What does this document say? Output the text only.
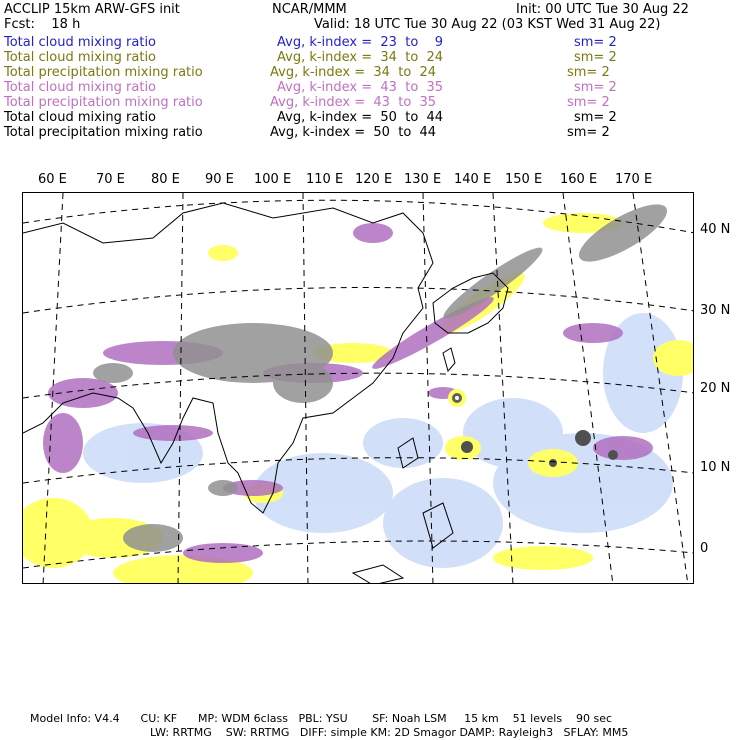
ACCLIP 15km ARW-GFS init	NCAR/MMM	Init: 00 UTC Tue 30 Aug 22
Fcst:    18 h	Valid: 18 UTC Tue 30 Aug 22 (03 KST Wed 31 Aug 22)
Total cloud mixing ratio	Avg, k-index =  23  to    9	sm= 2
Total cloud mixing ratio	Avg, k-index =  34  to  24	sm= 2
Total precipitation mixing ratio	Avg, k-index =  34  to  24	sm= 2
Total cloud mixing ratio	Avg, k-index =  43  to  35	sm= 2
Total precipitation mixing ratio	Avg, k-index =  43  to  35	sm= 2
Total cloud mixing ratio	Avg, k-index =  50  to  44	sm= 2
Total precipitation mixing ratio	Avg, k-index =  50  to  44	sm= 2
60 E 70 E 80 E 90 E 100 E 110 E 120 E 130 E 140 E 150 E 160 E 170 E
40 N
30 N
20 N
10 N
0
Model Info: V4.4      CU: KF      MP: WDM 6class   PBL: YSU       SF: Noah LSM     15 km    51 levels    90 sec
LW: RRTMG    SW: RRTMG   DIFF: simple KM: 2D Smagor DAMP: Rayleigh3   SFLAY: MM5
